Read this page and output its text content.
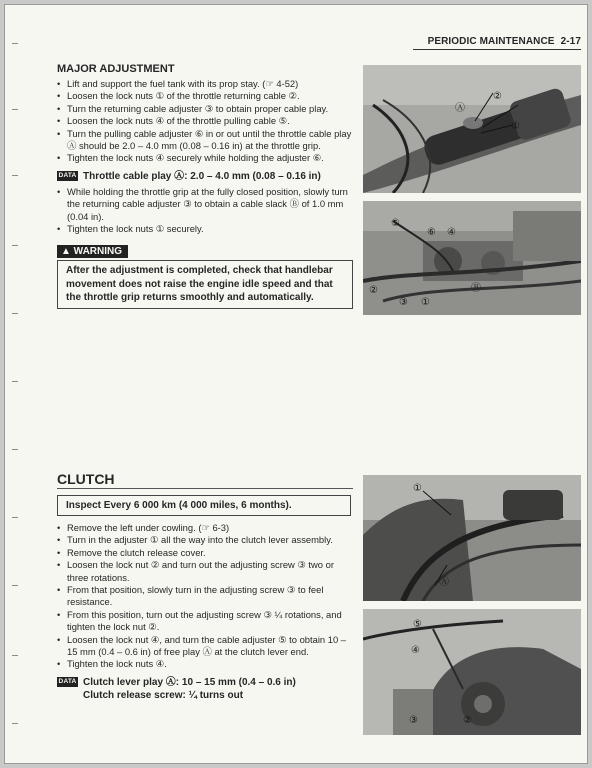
PERIODIC MAINTENANCE 2-17
MAJOR ADJUSTMENT
• Lift and support the fuel tank with its prop stay. (☞ 4-52)
• Loosen the lock nuts ① of the throttle returning cable ②.
• Turn the returning cable adjuster ③ to obtain proper cable play.
• Loosen the lock nuts ④ of the throttle pulling cable ⑤.
• Turn the pulling cable adjuster ⑥ in or out until the throttle cable play Ⓐ should be 2.0 – 4.0 mm (0.08 – 0.16 in) at the throttle grip.
• Tighten the lock nuts ④ securely while holding the adjuster ⑥.
DATA Throttle cable play Ⓐ: 2.0 – 4.0 mm (0.08 – 0.16 in)
• While holding the throttle grip at the fully closed position, slowly turn the returning cable adjuster ③ to obtain a cable slack Ⓑ of 1.0 mm (0.04 in).
• Tighten the lock nuts ① securely.
▲ WARNING
After the adjustment is completed, check that handlebar movement does not raise the engine idle speed and that the throttle grip returns smoothly and automatically.
CLUTCH
Inspect Every 6 000 km (4 000 miles, 6 months).
• Remove the left under cowling. (☞ 6-3)
• Turn in the adjuster ① all the way into the clutch lever assembly.
• Remove the clutch release cover.
• Loosen the lock nut ② and turn out the adjusting screw ③ two or three rotations.
• From that position, slowly turn in the adjusting screw ③ to feel resistance.
• From this position, turn out the adjusting screw ③ ¼ rotations, and tighten the lock nut ②.
• Loosen the lock nut ④, and turn the cable adjuster ⑤ to obtain 10 – 15 mm (0.4 – 0.6 in) of free play Ⓐ at the clutch lever end.
• Tighten the lock nuts ④.
DATA Clutch lever play Ⓐ: 10 – 15 mm (0.4 – 0.6 in)
Clutch release screw: ¼ turns out
Ⓐ
②
①
⑤
⑥ ④
②
③ ①
Ⓑ
①
Ⓐ
⑤
④
③	②
